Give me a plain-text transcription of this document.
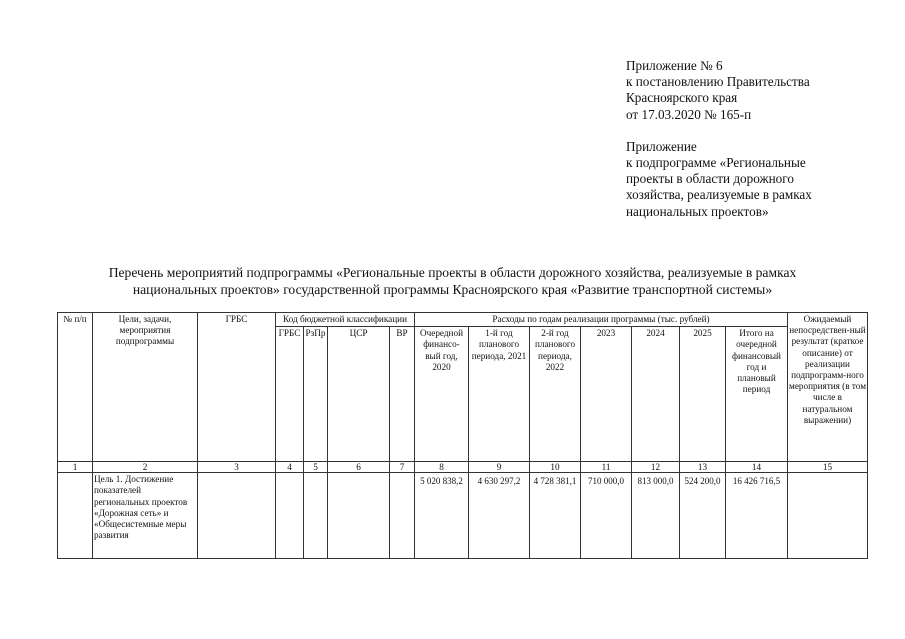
Приложение № 6
к постановлению Правительства
Красноярского края
от 17.03.2020 № 165-п
Приложение
к подпрограмме «Региональные
проекты в области дорожного
хозяйства, реализуемые в рамках
национальных проектов»
Перечень мероприятий подпрограммы «Региональные проекты в области дорожного хозяйства, реализуемые в рамках
национальных проектов» государственной программы Красноярского края «Развитие транспортной системы»
№ п/п	Цели, задачи, мероприятия подпрограммы	ГРБС	Код бюджетной классификации				Расходы по годам реализации программы (тыс. рублей)							Ожидаемый непосредствен-ный результат (краткое описание) от реализации подпрограмм-ного мероприятия (в том числе в натуральном выражении)
			ГРБС	РзПр	ЦСР	ВР	Очередной финансо-вый год, 2020	1-й год планового периода, 2021	2-й год планового периода, 2022	2023	2024	2025	Итого на очередной финансовый год и плановый период	
1	2	3	4	5	6	7	8	9	10	11	12	13	14	15
	Цель 1. Достижение показателей региональных проектов «Дорожная сеть» и «Общесистемные меры развития						5 020 838,2	4 630 297,2	4 728 381,1	710 000,0	813 000,0	524 200,0	16 426 716,5	
